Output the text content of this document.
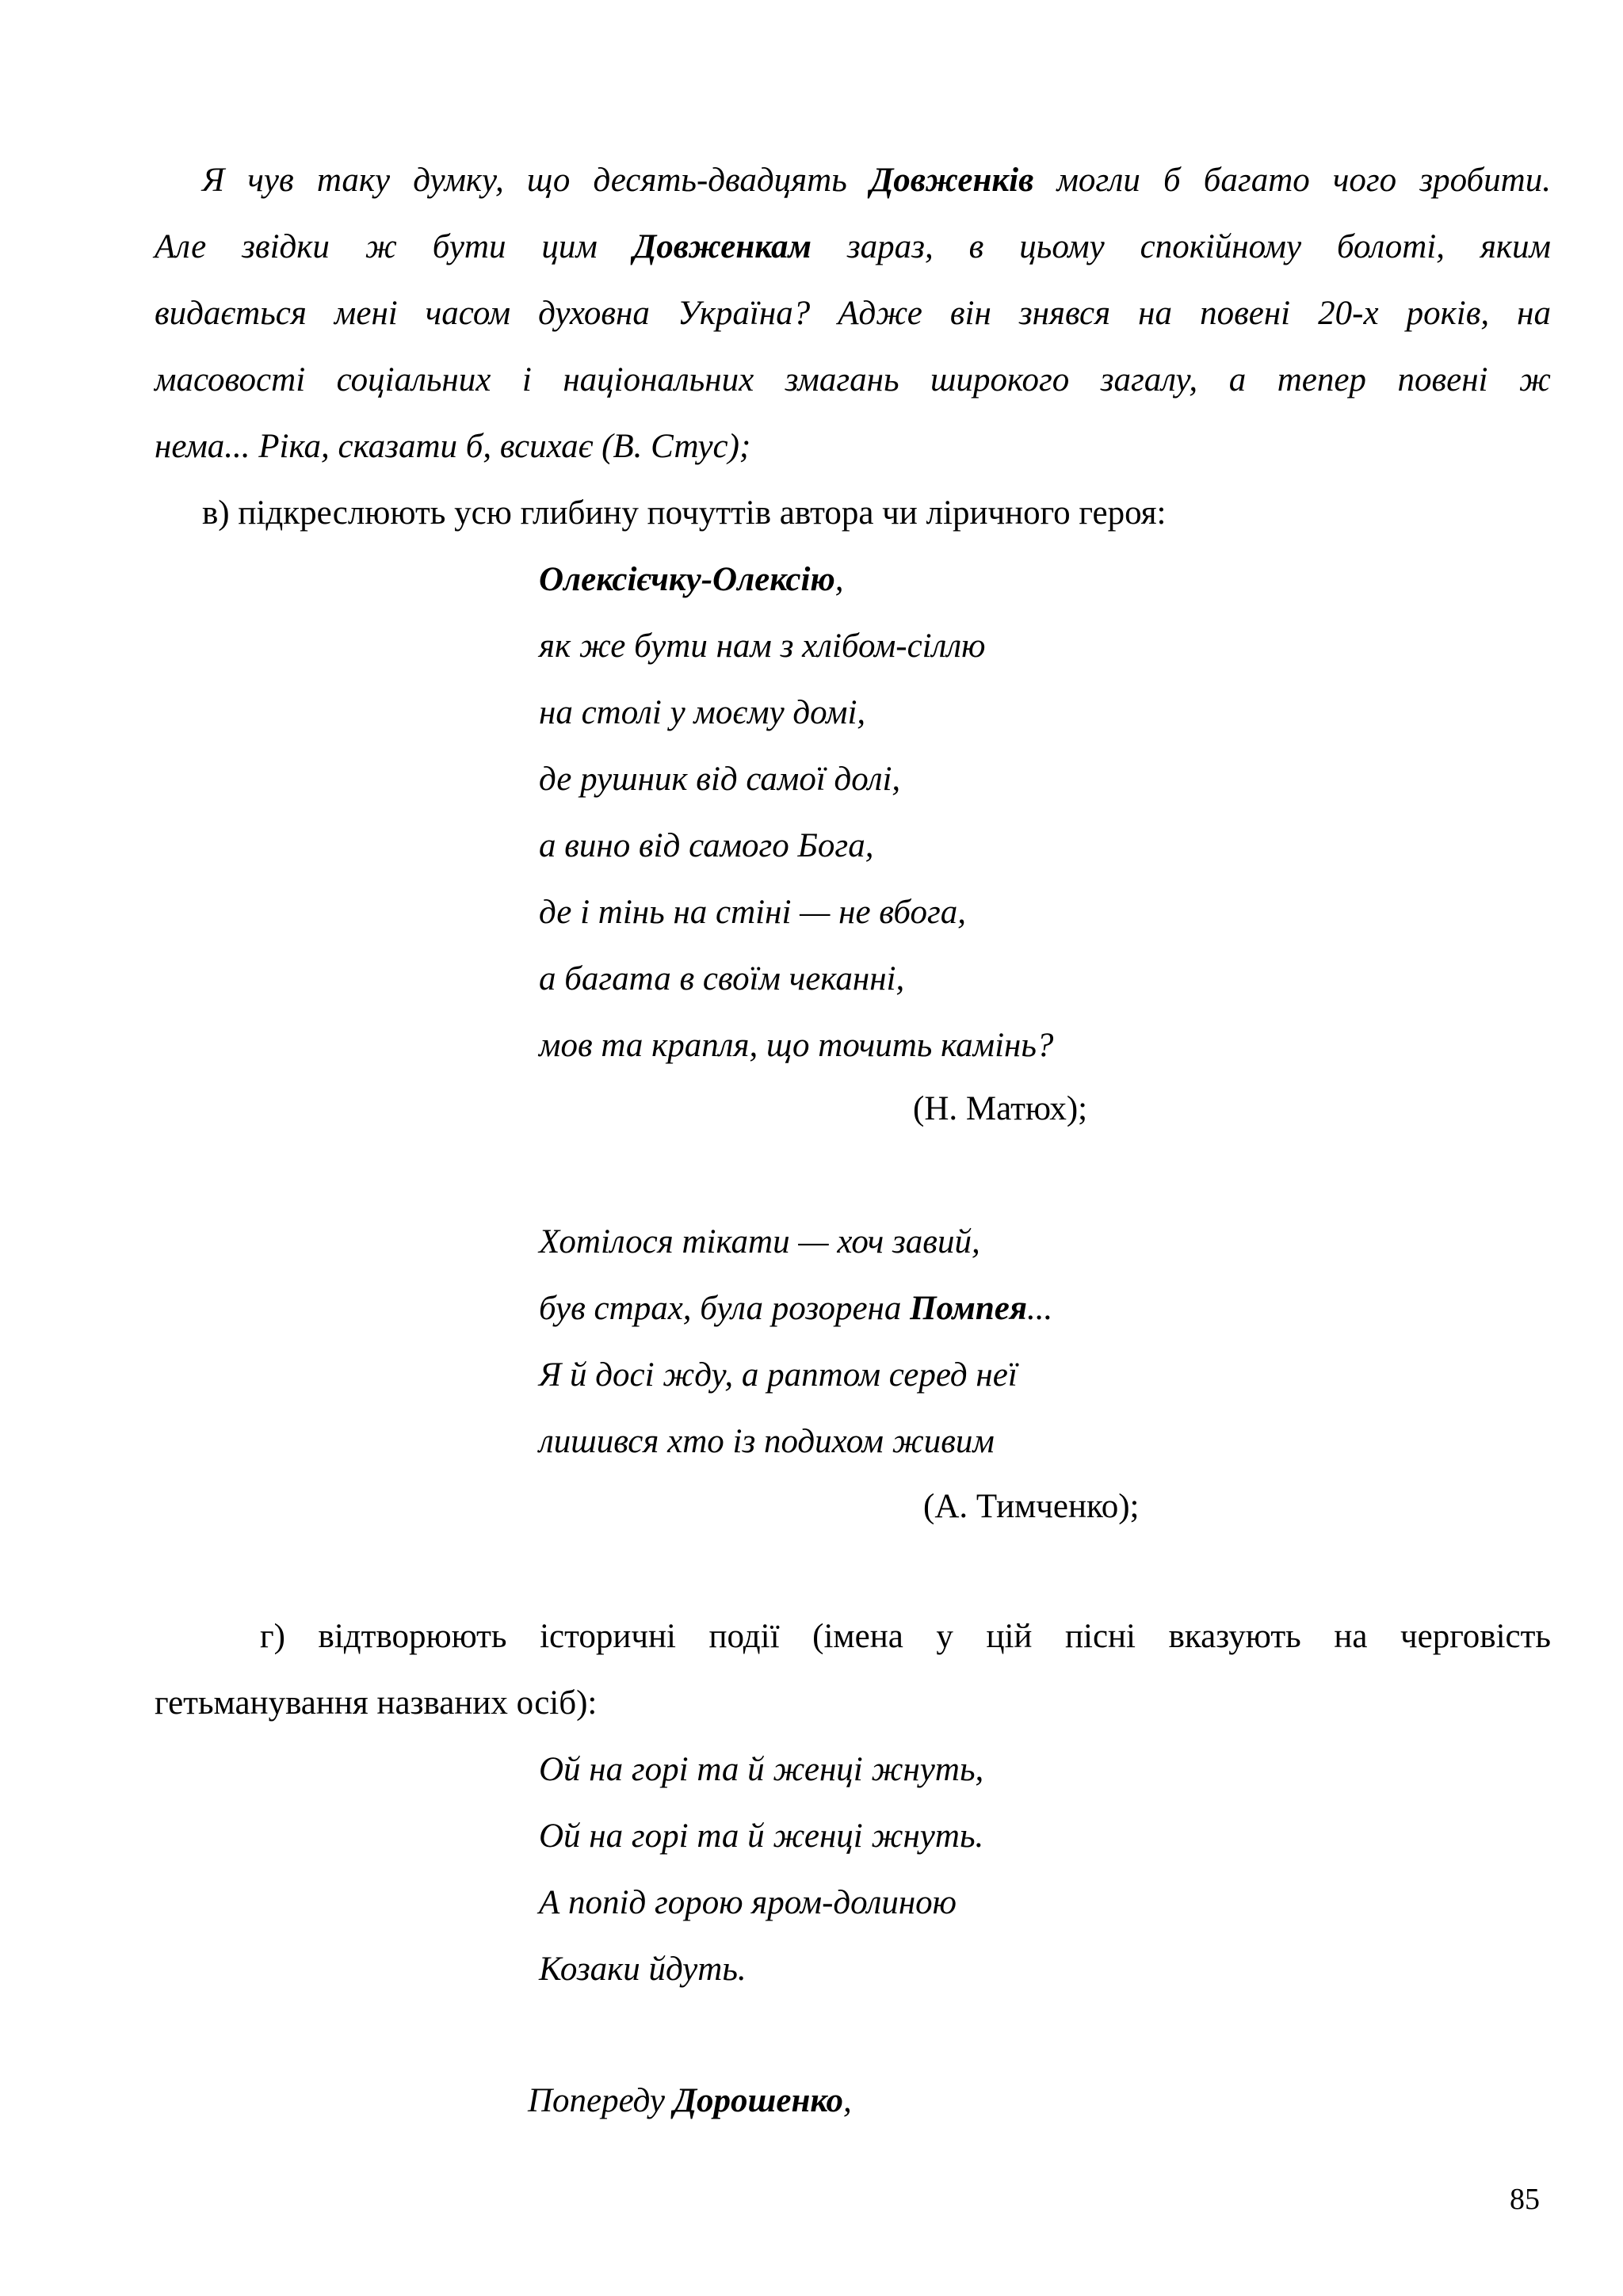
Я чув таку думку, що десять-двадцять Довженків могли б багато чого зробити.
Але звідки ж бути цим Довженкам зараз, в цьому спокійному болоті, яким
видається мені часом духовна Україна? Адже він знявся на повені 20-х років, на
масовості соціальних і національних змагань широкого загалу, а тепер повені ж
нема... Ріка, сказати б, всихає (В. Стус);
в) підкреслюють усю глибину почуттів автора чи ліричного героя:
Олексієчку-Олексію,
як же бути нам з хлібом-сіллю
на столі у моєму домі,
де рушник від самої долі,
а вино від самого Бога,
де і тінь на стіні — не вбога,
а багата в своїм чеканні,
мов та крапля, що точить камінь?
(Н. Матюх);
Хотілося тікати — хоч завий,
був страх, була розорена Помпея...
Я й досі жду, а раптом серед неї
лишився хто із подихом живим
(А. Тимченко);
г) відтворюють історичні події (імена у цій пісні вказують на черговість
гетьманування названих осіб):
Ой на горі та й женці жнуть,
Ой на горі та й женці жнуть.
А попід горою яром-долиною
Козаки йдуть.
Попереду Дорошенко,
85
